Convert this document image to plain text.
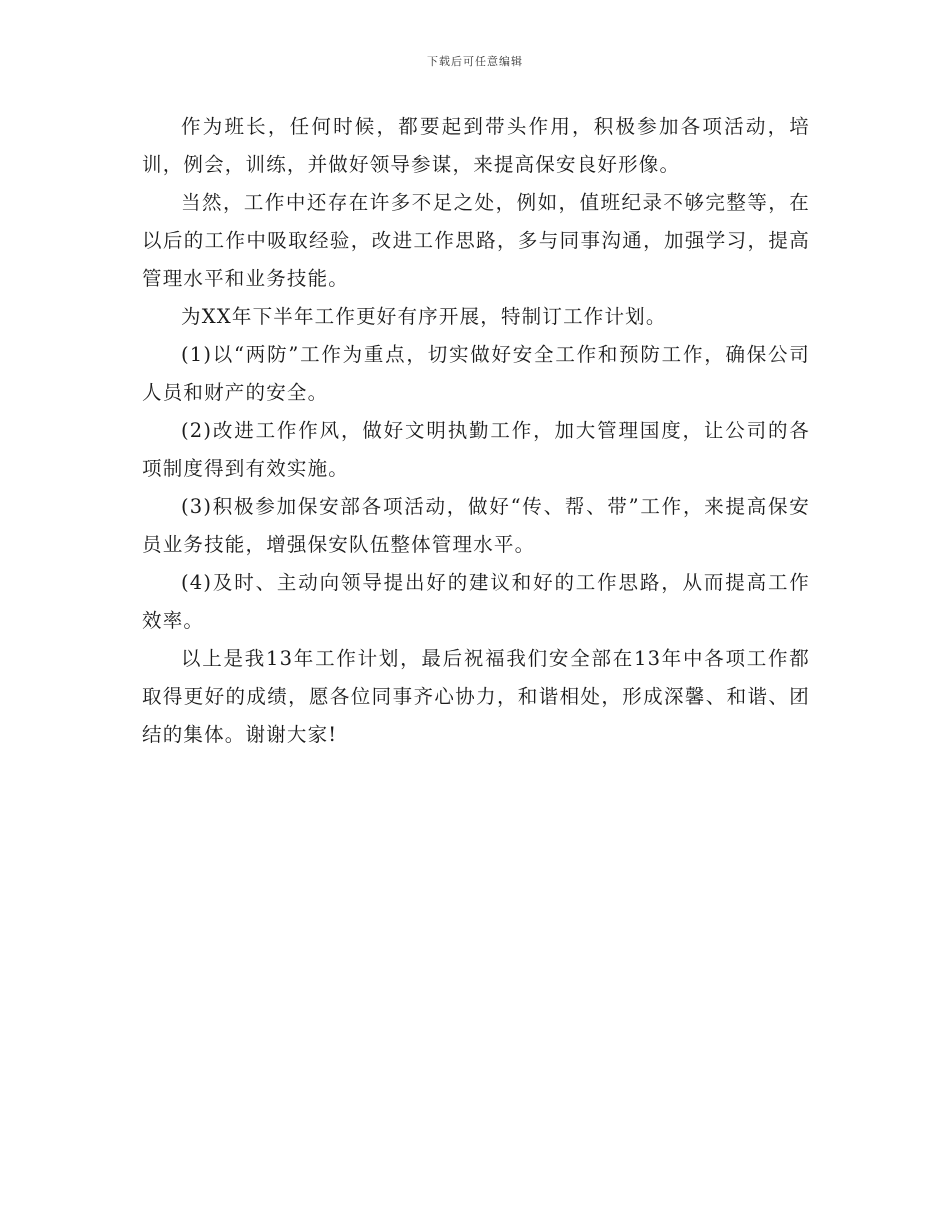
下载后可任意编辑

作为班长，任何时候，都要起到带头作用，积极参加各项活动，培训，例会，训练，并做好领导参谋，来提高保安良好形像。

当然，工作中还存在许多不足之处，例如，值班纪录不够完整等，在以后的工作中吸取经验，改进工作思路，多与同事沟通，加强学习，提高管理水平和业务技能。

为XX年下半年工作更好有序开展，特制订工作计划。

(1)以“两防”工作为重点，切实做好安全工作和预防工作，确保公司人员和财产的安全。

(2)改进工作作风，做好文明执勤工作，加大管理国度，让公司的各项制度得到有效实施。

(3)积极参加保安部各项活动，做好“传、帮、带”工作，来提高保安员业务技能，增强保安队伍整体管理水平。

(4)及时、主动向领导提出好的建议和好的工作思路，从而提高工作效率。

以上是我13年工作计划，最后祝福我们安全部在13年中各项工作都取得更好的成绩，愿各位同事齐心协力，和谐相处，形成深馨、和谐、团结的集体。谢谢大家!
